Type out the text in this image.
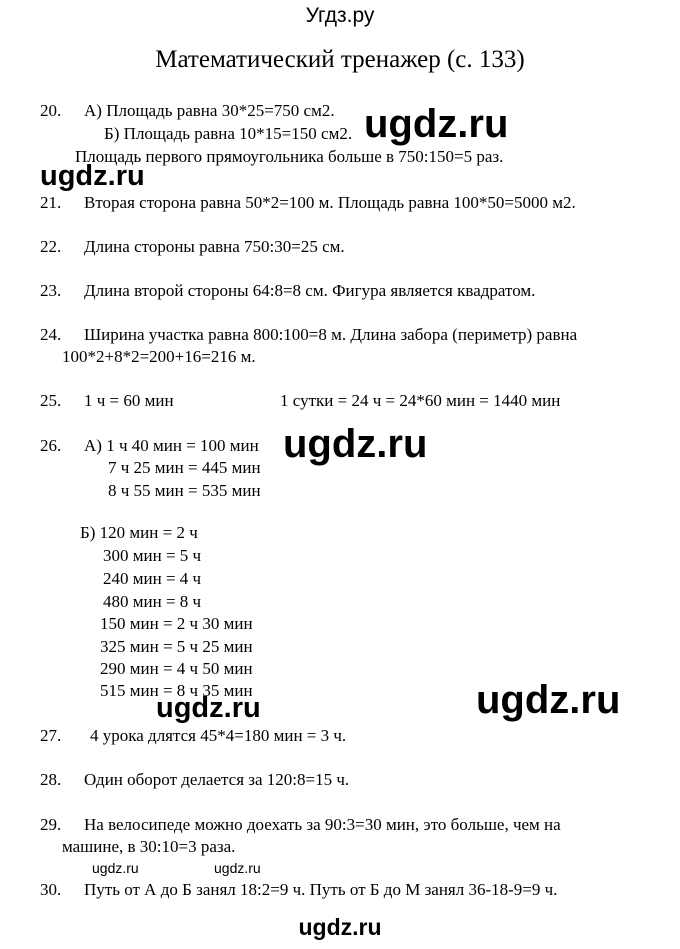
Угдз.ру
Математический тренажер (с. 133)
20. А) Площадь равна 30*25=750 см2.
Б) Площадь равна 10*15=150 см2.
Площадь первого прямоугольника больше в 750:150=5 раз.
21. Вторая сторона равна 50*2=100 м. Площадь равна 100*50=5000 м2.
22. Длина стороны равна 750:30=25 см.
23. Длина второй стороны 64:8=8 см. Фигура является квадратом.
24. Ширина участка равна 800:100=8 м. Длина забора (периметр) равна
100*2+8*2=200+16=216 м.
25. 1 ч = 60 мин	1 сутки = 24 ч = 24*60 мин = 1440 мин
26. А) 1 ч 40 мин = 100 мин
7 ч 25 мин = 445 мин
8 ч 55 мин = 535 мин
Б) 120 мин = 2 ч
300 мин = 5 ч
240 мин = 4 ч
480 мин = 8 ч
150 мин = 2 ч 30 мин
325 мин = 5 ч 25 мин
290 мин = 4 ч 50 мин
515 мин = 8 ч 35 мин
27. 4 урока длятся 45*4=180 мин = 3 ч.
28. Один оборот делается за 120:8=15 ч.
29. На велосипеде можно доехать за 90:3=30 мин, это больше, чем на
машине, в 30:10=3 раза.
30. Путь от А до Б занял 18:2=9 ч. Путь от Б до М занял 36-18-9=9 ч.
ugdz.ru
ugdz.ru
ugdz.ru
ugdz.ru
ugdz.ru
ugdz.ru	ugdz.ru
ugdz.ru
